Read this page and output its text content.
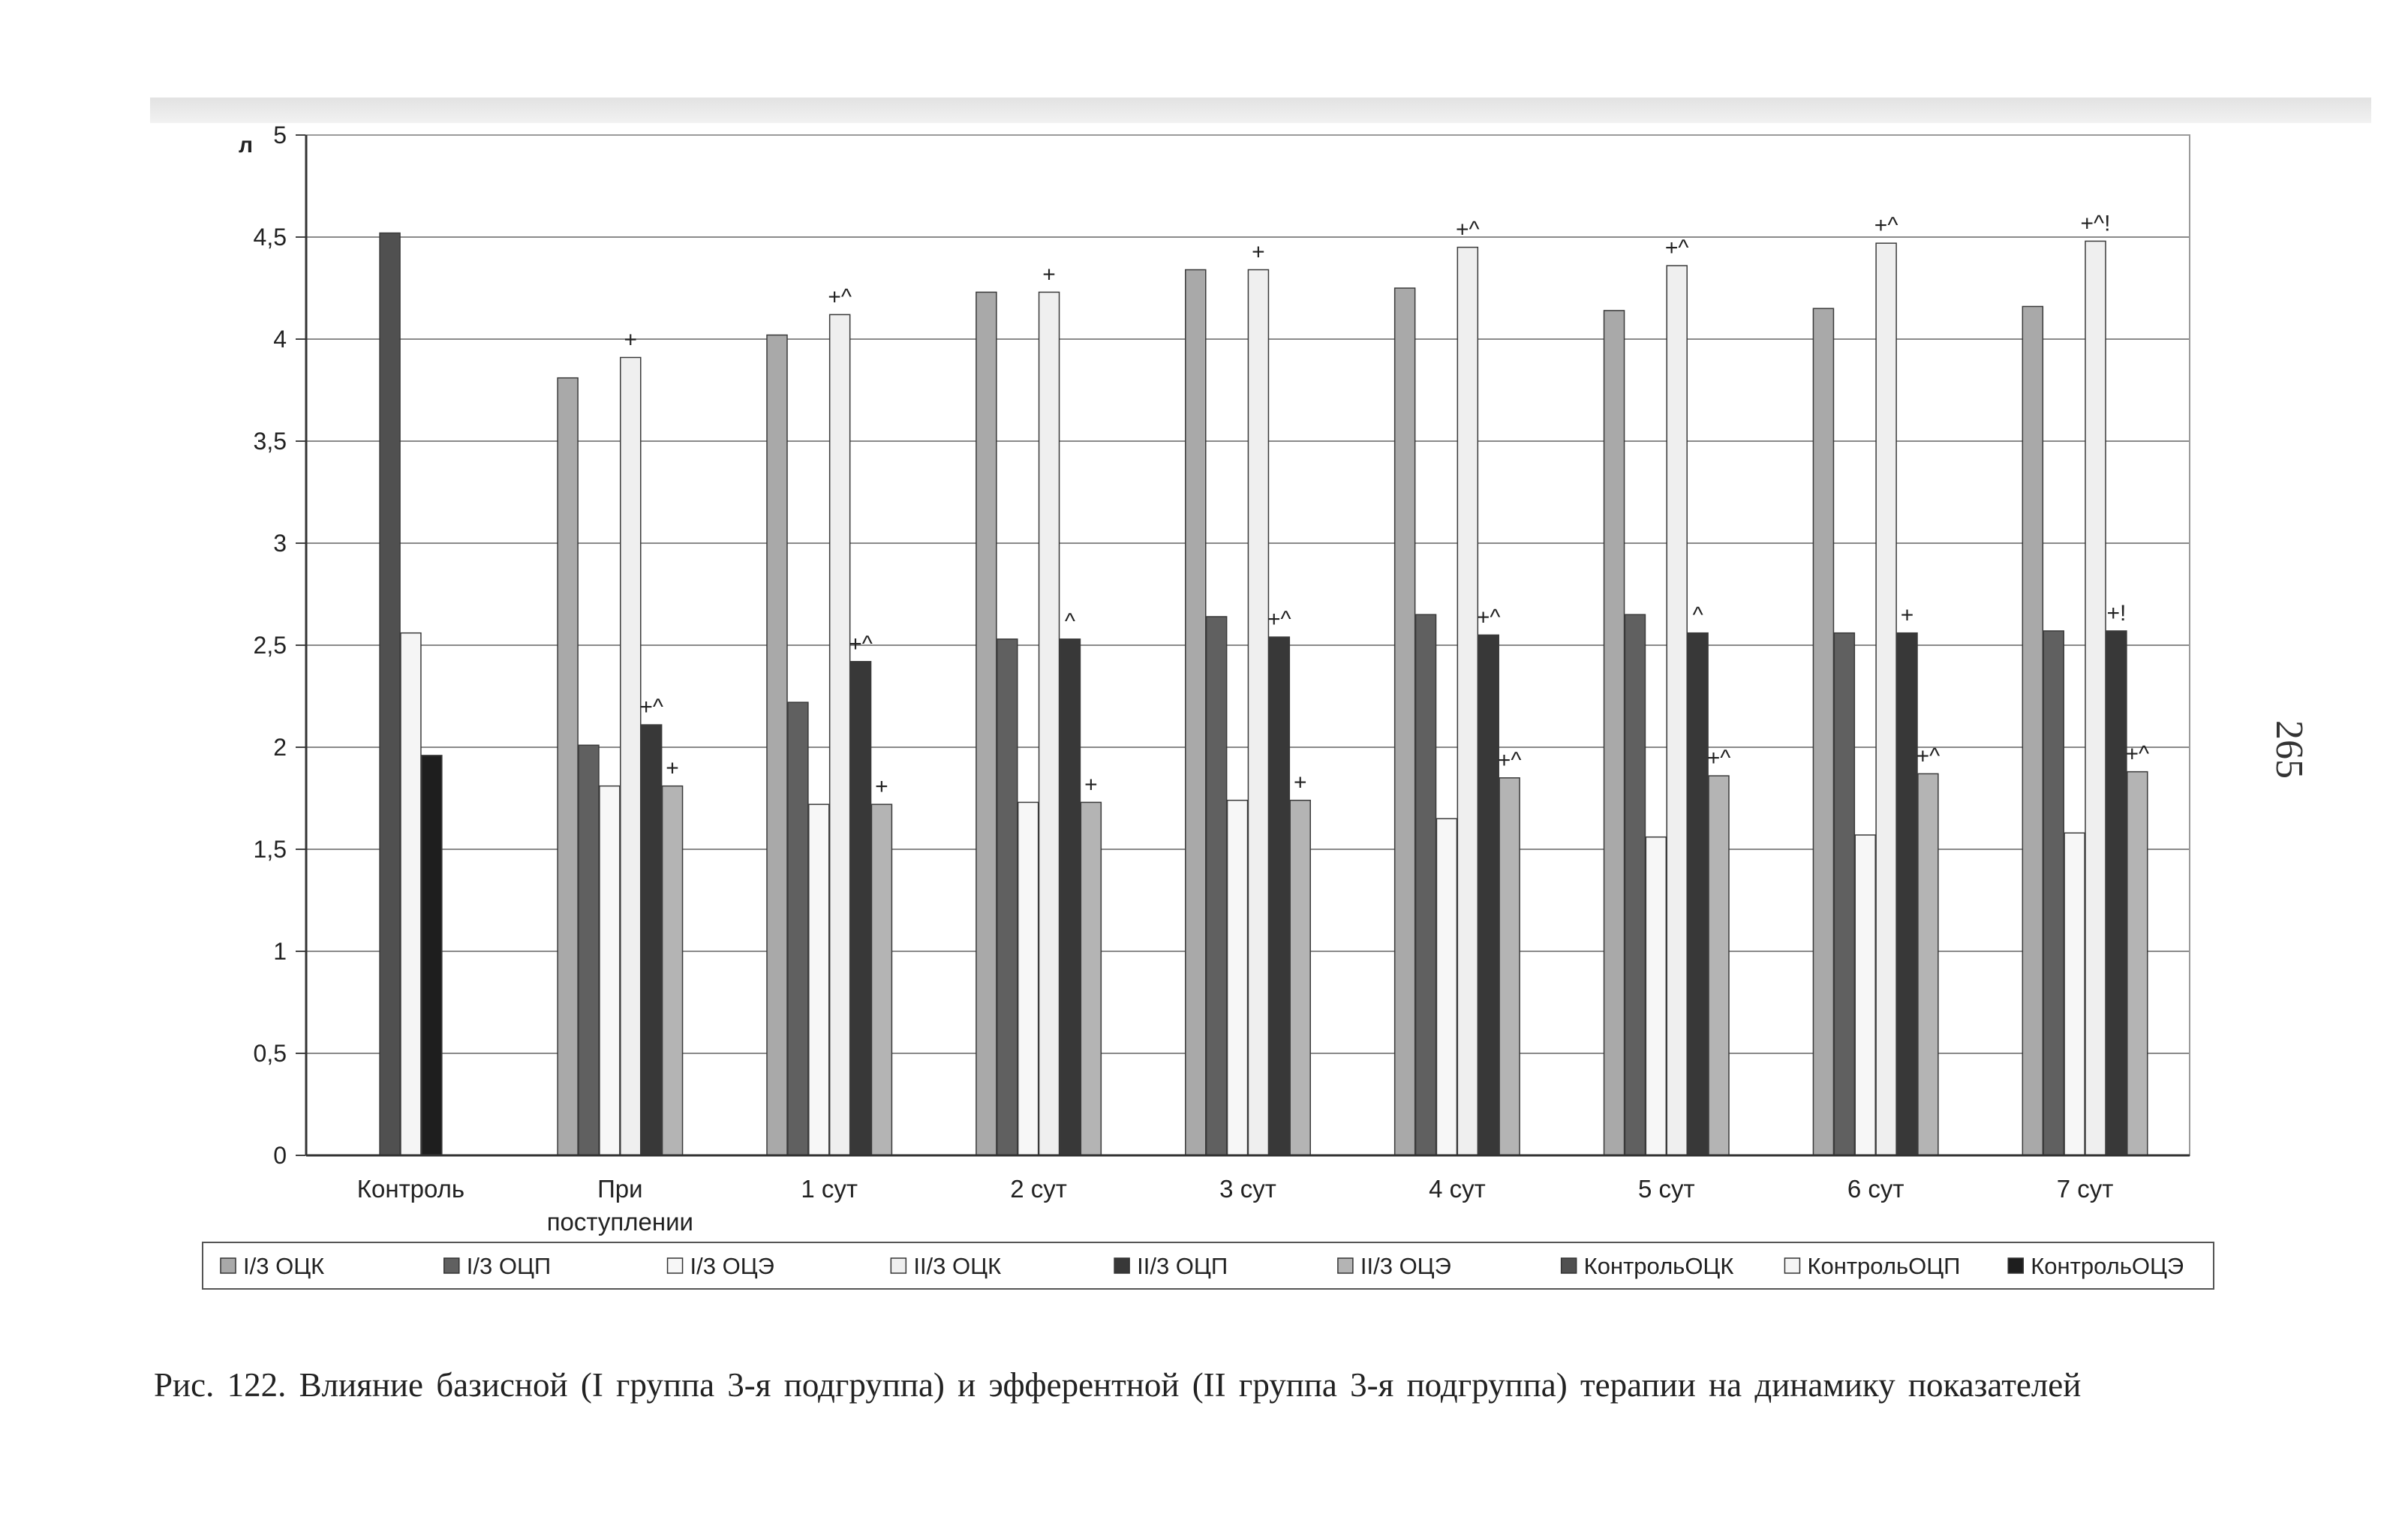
0
0,5
1
1,5
2
2,5
3
3,5
4
4,5
5
Контроль	При поступлении
1 сут	2 сут	3 сут	4 сут	5 сут	6 сут	7 сут
+
+^
+
+^
+^
+
+
^
+
+
+^
+
+^
+^
+^
+^
^
+^
+^
+
+^
+^!
+!
+^
л
I/3 ОЦК	I/3 ОЦП	I/3 ОЦЭ	II/3 ОЦК	II/3 ОЦП	II/3 ОЦЭ	КонтрольОЦК	КонтрольОЦП	КонтрольОЦЭ
265
Рис. 122. Влияние базисной (I группа 3-я подгруппа) и эфферентной (II группа 3-я подгруппа) терапии на динамику показателей
